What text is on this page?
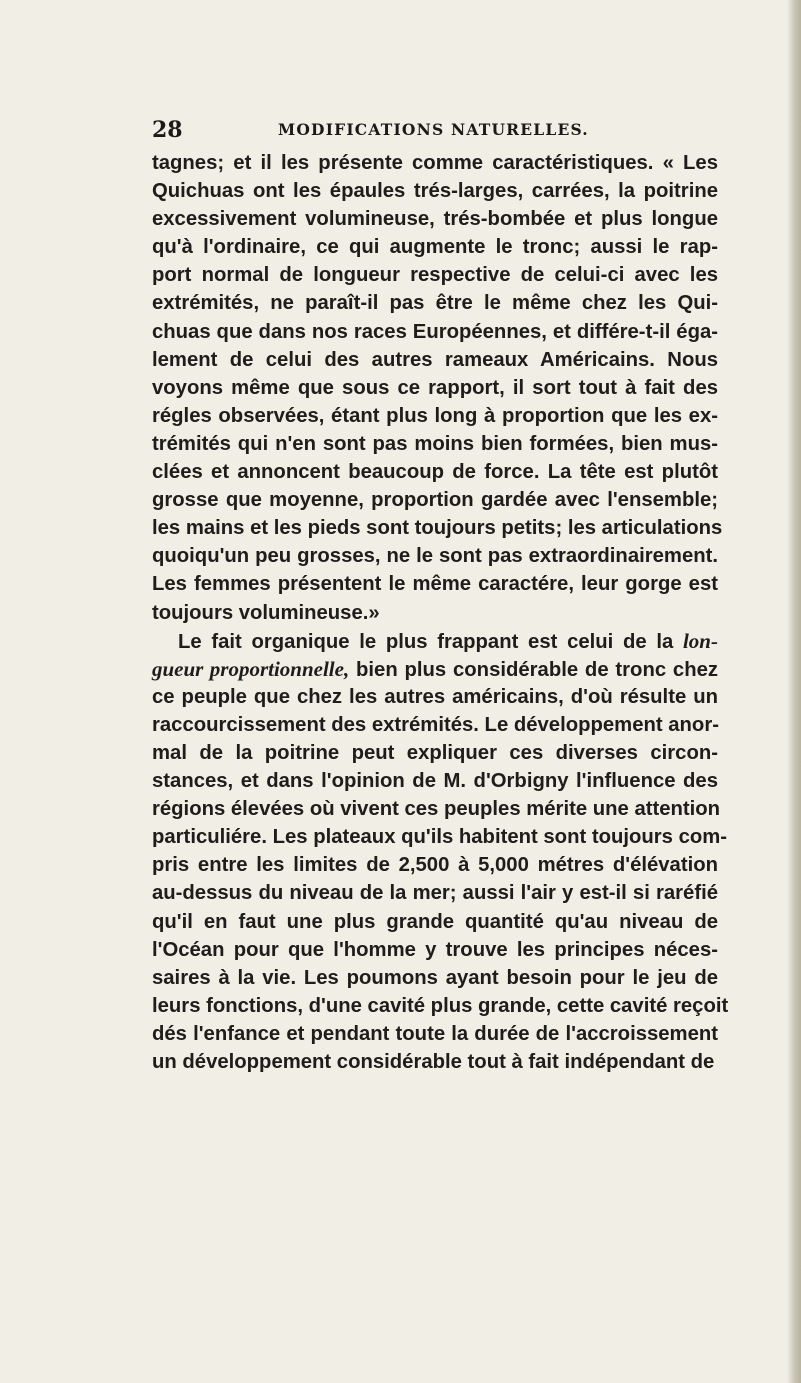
28	MODIFICATIONS NATURELLES.
tagnes; et il les présente comme caractéristiques. « Les
Quichuas ont les épaules trés-larges, carrées, la poitrine
excessivement volumineuse, trés-bombée et plus longue
qu'à l'ordinaire, ce qui augmente le tronc; aussi le rap-
port normal de longueur respective de celui-ci avec les
extrémités, ne paraît-il pas être le même chez les Qui-
chuas que dans nos races Européennes, et différe-t-il éga-
lement de celui des autres rameaux Américains. Nous
voyons même que sous ce rapport, il sort tout à fait des
régles observées, étant plus long à proportion que les ex-
trémités qui n'en sont pas moins bien formées, bien mus-
clées et annoncent beaucoup de force. La tête est plutôt
grosse que moyenne, proportion gardée avec l'ensemble;
les mains et les pieds sont toujours petits; les articulations
quoiqu'un peu grosses, ne le sont pas extraordinairement.
Les femmes présentent le même caractére, leur gorge est
toujours volumineuse.»
Le fait organique le plus frappant est celui de la lon-
gueur proportionnelle, bien plus considérable de tronc chez
ce peuple que chez les autres américains, d'où résulte un
raccourcissement des extrémités. Le développement anor-
mal de la poitrine peut expliquer ces diverses circon-
stances, et dans l'opinion de M. d'Orbigny l'influence des
régions élevées où vivent ces peuples mérite une attention
particuliére. Les plateaux qu'ils habitent sont toujours com-
pris entre les limites de 2,500 à 5,000 métres d'élévation
au-dessus du niveau de la mer; aussi l'air y est-il si raréfié
qu'il en faut une plus grande quantité qu'au niveau de
l'Océan pour que l'homme y trouve les principes néces-
saires à la vie. Les poumons ayant besoin pour le jeu de
leurs fonctions, d'une cavité plus grande, cette cavité reçoit
dés l'enfance et pendant toute la durée de l'accroissement
un développement considérable tout à fait indépendant de
